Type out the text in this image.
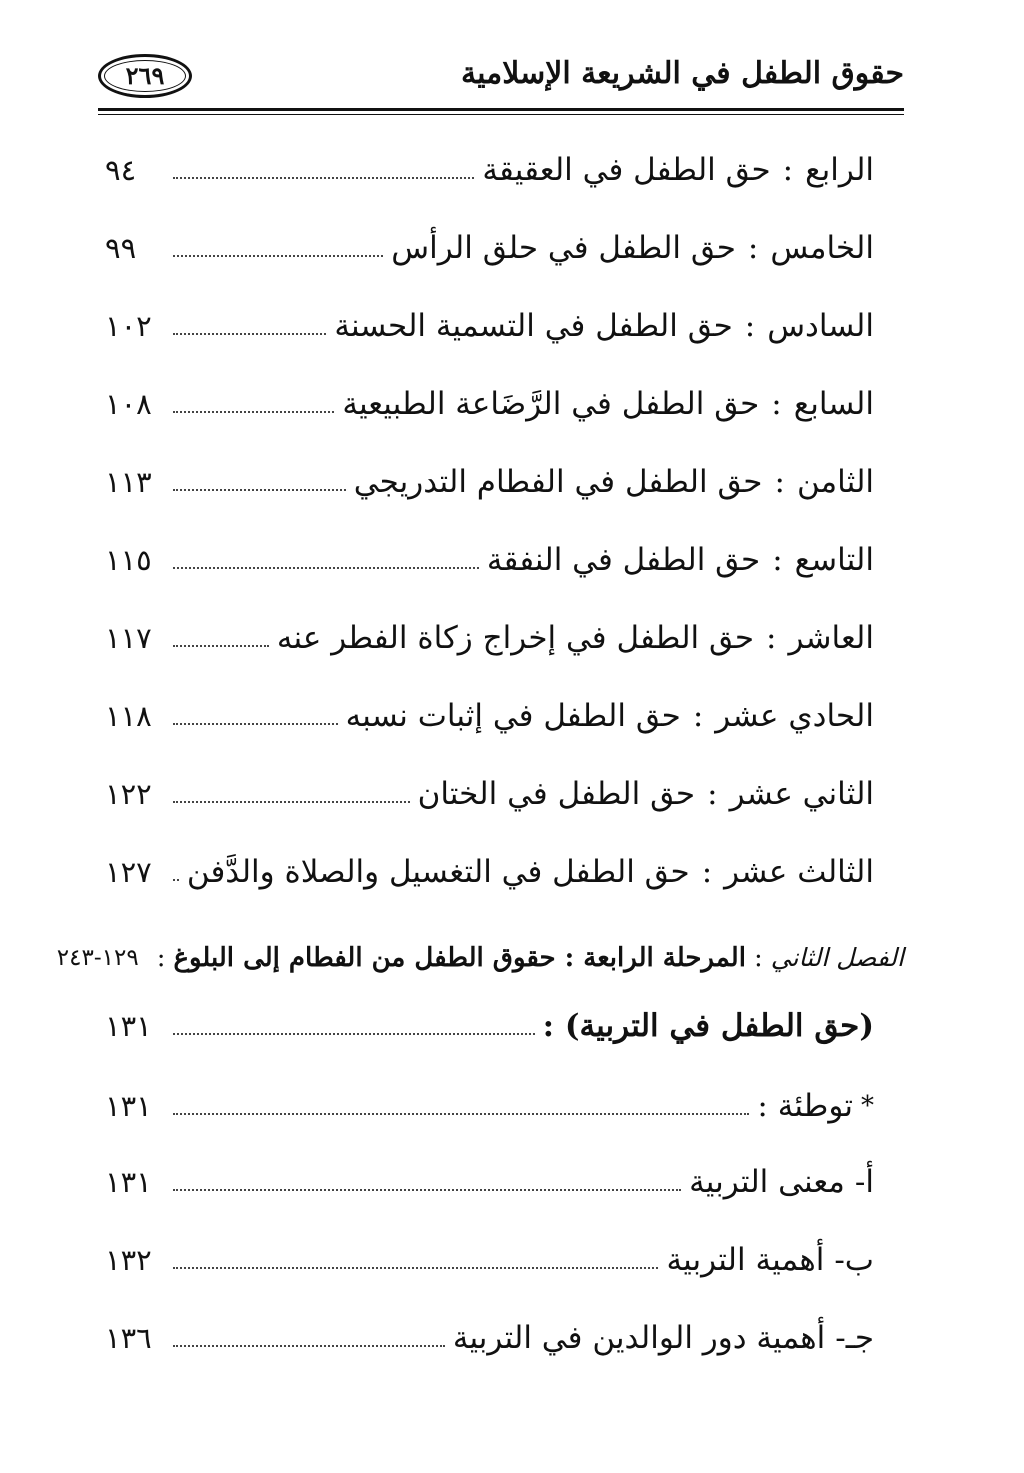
حقوق الطفل في الشريعة الإسلامية
٢٦٩
الرابع
:
حق الطفل في العقيقة
٩٤
الخامس
:
حق الطفل في حلق الرأس
٩٩
السادس
:
حق الطفل في التسمية الحسنة
١٠٢
السابع
:
حق الطفل في الرَّضَاعة الطبيعية
١٠٨
الثامن
:
حق الطفل في الفطام التدريجي
١١٣
التاسع
:
حق الطفل في النفقة
١١٥
العاشر
:
حق الطفل في إخراج زكاة الفطر عنه
١١٧
الحادي عشر
:
حق الطفل في إثبات نسبه
١١٨
الثاني عشر
:
حق الطفل في الختان
١٢٢
الثالث عشر
:
حق الطفل في التغسيل والصلاة والدَّفن
١٢٧
الفصل الثاني
:
المرحلة الرابعة : حقوق الطفل من الفطام إلى البلوغ
:
١٢٩-٢٤٣
(حق الطفل في التربية) :
١٣١
*
توطئة :
١٣١
أ-
معنى التربية
١٣١
ب-
أهمية التربية
١٣٢
جـ-
أهمية دور الوالدين في التربية
١٣٦
